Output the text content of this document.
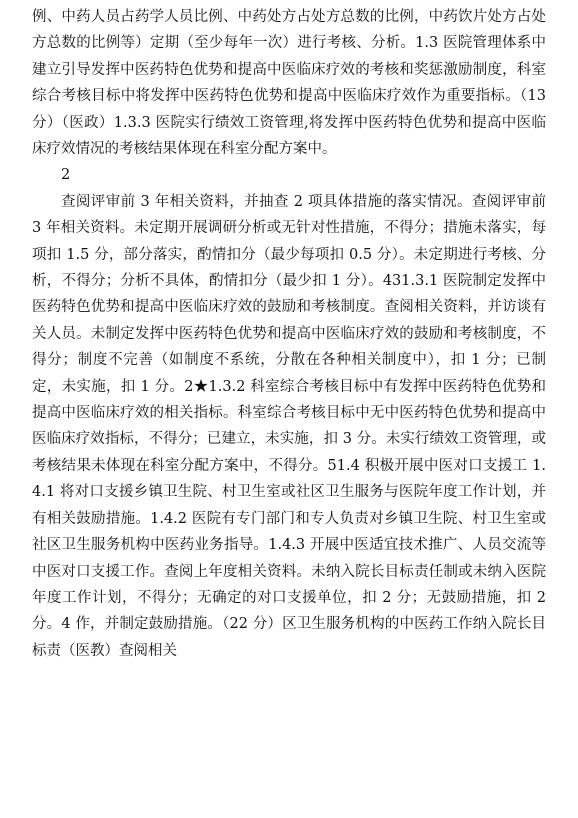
例、中药人员占药学人员比例、中药处方占处方总数的比例，中药饮片处方占处方总数的比例等）定期（至少每年一次）进行考核、分析。1.3 医院管理体系中建立引导发挥中医药特色优势和提高中医临床疗效的考核和奖惩激励制度，科室综合考核目标中将发挥中医药特色优势和提高中医临床疗效作为重要指标。（13 分）（医政）1.3.3 医院实行绩效工资管理,将发挥中医药特色优势和提高中医临床疗效情况的考核结果体现在科室分配方案中。

2

查阅评审前 3 年相关资料，并抽查 2 项具体措施的落实情况。查阅评审前 3 年相关资料。未定期开展调研分析或无针对性措施，不得分；措施未落实，每项扣 1.5 分，部分落实，酌情扣分（最少每项扣 0.5 分）。未定期进行考核、分析，不得分；分析不具体，酌情扣分（最少扣 1 分）。431.3.1 医院制定发挥中医药特色优势和提高中医临床疗效的鼓励和考核制度。查阅相关资料，并访谈有关人员。未制定发挥中医药特色优势和提高中医临床疗效的鼓励和考核制度，不得分；制度不完善（如制度不系统，分散在各种相关制度中），扣 1 分；已制定，未实施，扣 1 分。2★1.3.2 科室综合考核目标中有发挥中医药特色优势和提高中医临床疗效的相关指标。科室综合考核目标中无中医药特色优势和提高中医临床疗效指标，不得分；已建立，未实施，扣 3 分。未实行绩效工资管理，或考核结果未体现在科室分配方案中，不得分。51.4 积极开展中医对口支援工 1.4.1 将对口支援乡镇卫生院、村卫生室或社区卫生服务与医院年度工作计划，并有相关鼓励措施。1.4.2 医院有专门部门和专人负责对乡镇卫生院、村卫生室或社区卫生服务机构中医药业务指导。1.4.3 开展中医适宜技术推广、人员交流等中医对口支援工作。查阅上年度相关资料。未纳入院长目标责任制或未纳入医院年度工作计划，不得分；无确定的对口支援单位，扣 2 分；无鼓励措施，扣 2 分。4 作，并制定鼓励措施。（22 分）区卫生服务机构的中医药工作纳入院长目标责（医教）查阅相关
